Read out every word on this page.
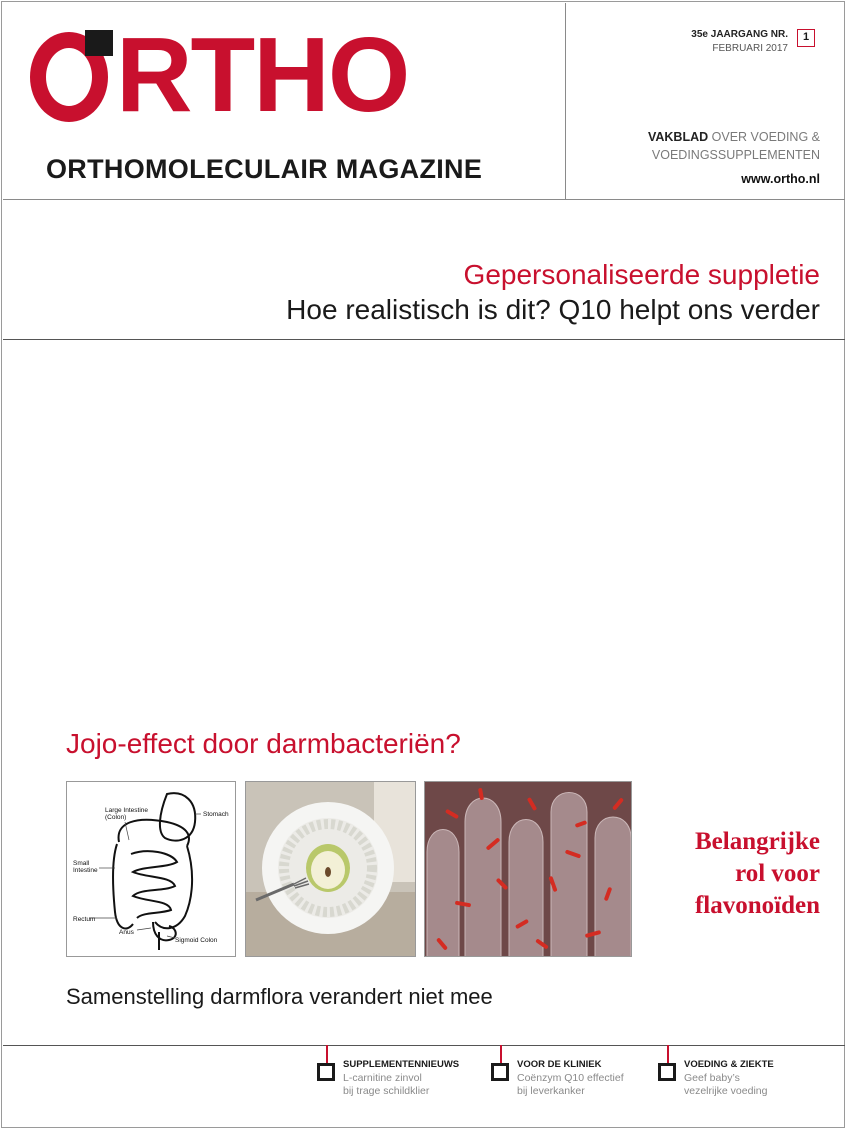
RTHO
ORTHOMOLECULAIR MAGAZINE
35e JAARGANG NR.
FEBRUARI 2017
1
VAKBLAD OVER VOEDING &
VOEDINGSSUPPLEMENTEN
www.ortho.nl
Gepersonaliseerde suppletie
Hoe realistisch is dit? Q10 helpt ons verder
Jojo-effect door darmbacteriën?
Large Intestine
(Colon)	Stomach
Small
Intestine
Rectum
Anus
Sigmoid Colon
Belangrijke
rol voor
flavonoïden
Samenstelling darmflora verandert niet mee
SUPPLEMENTENNIEUWS
L-carnitine zinvol
bij trage schildklier
VOOR DE KLINIEK
Coënzym Q10 effectief
bij leverkanker
VOEDING & ZIEKTE
Geef baby’s
vezelrijke voeding
